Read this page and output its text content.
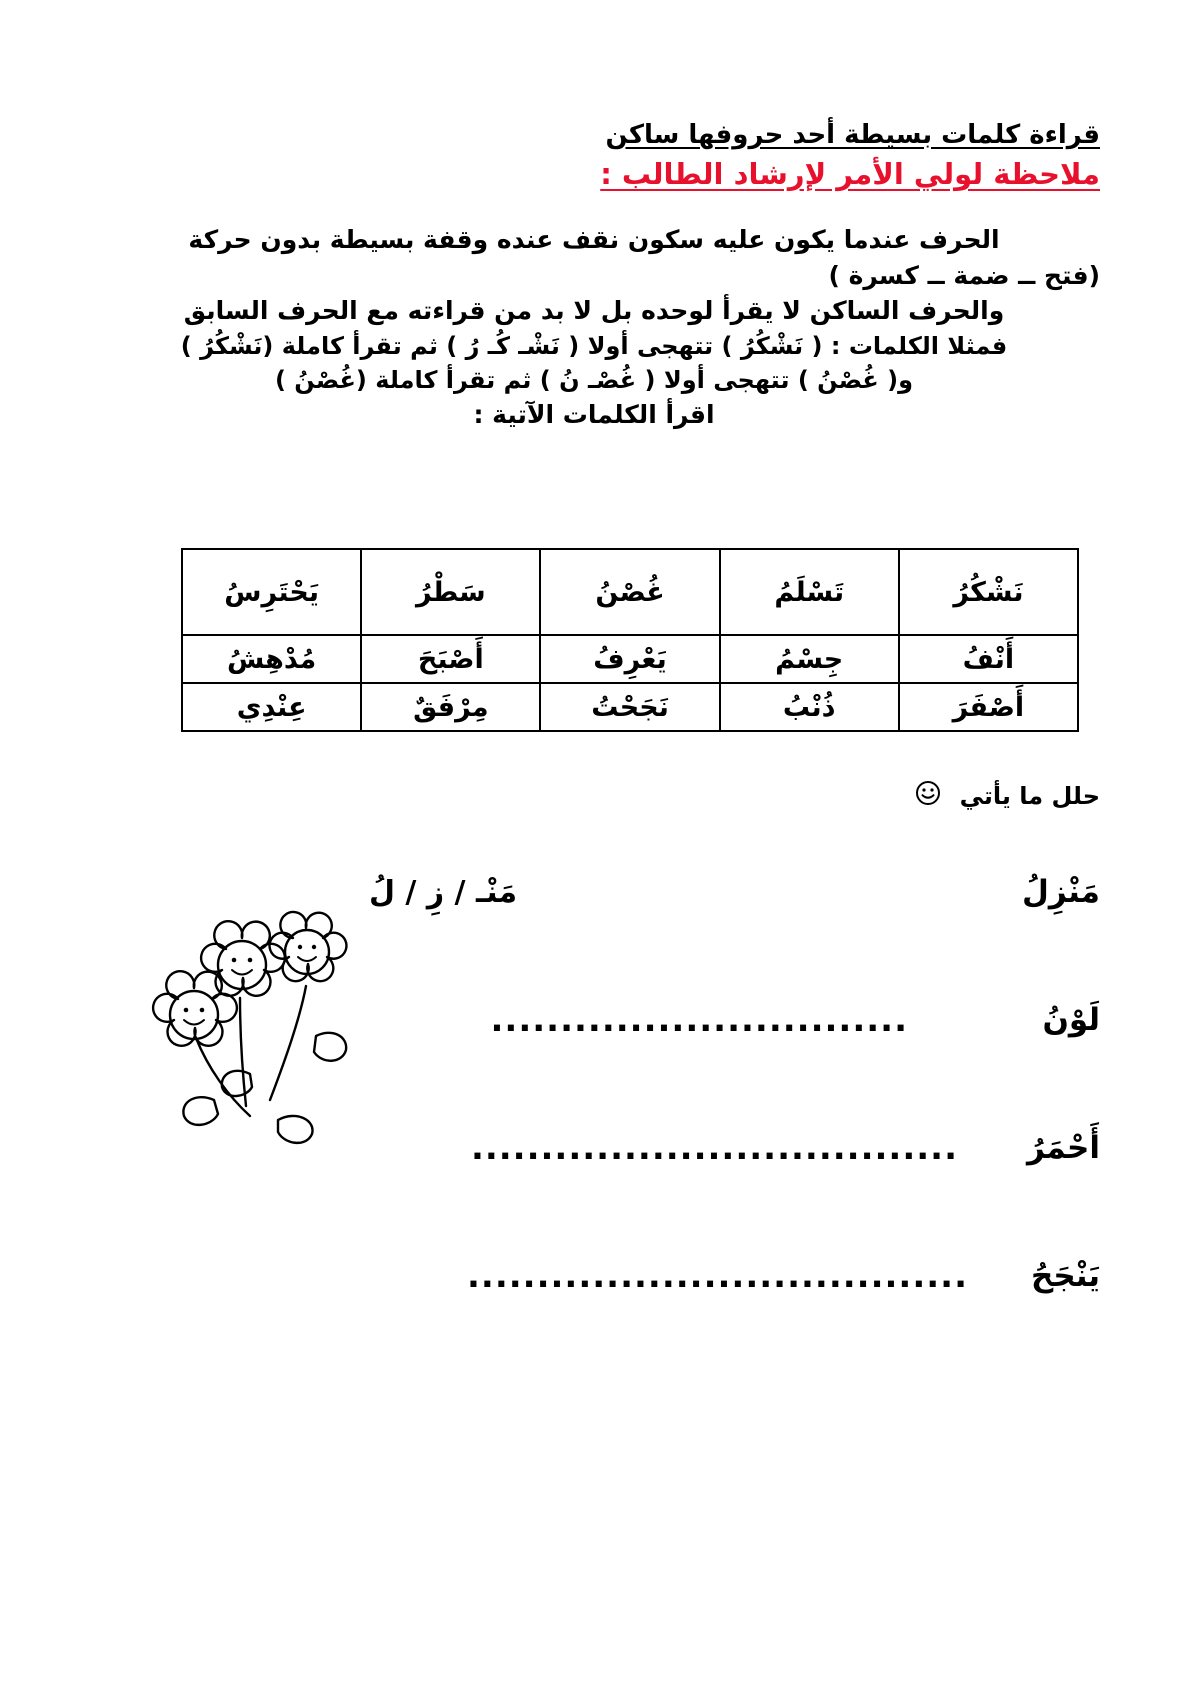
قراءة كلمات بسيطة أحد حروفها ساكن
ملاحظة لولي الأمر لإرشاد الطالب :
الحرف عندما يكون عليه سكون نقف عنده وقفة بسيطة بدون حركة
(فتح ــ ضمة ــ كسرة )
والحرف الساكن لا يقرأ لوحده بل لا بد من قراءته مع الحرف السابق
فمثلا الكلمات : ( نَشْكُرُ ) تتهجى أولا ( نَشْـ كُـ رُ ) ثم تقرأ كاملة (نَشْكُرُ )
و( غُصْنُ ) تتهجى أولا ( غُصْـ نُ ) ثم تقرأ كاملة (غُصْنُ )
اقرأ الكلمات الآتية :
نَشْكُرُ	تَسْلَمُ	غُصْنُ	سَطْرُ	يَحْتَرِسُ
أَنْفُ	جِسْمُ	يَعْرِفُ	أَصْبَحَ	مُدْهِشُ
أَصْفَرَ	ذُنْبُ	نَجَحْتُ	مِرْفَقٌ	عِنْدِي
حلل ما يأتي
مَنْزِلُ
مَنْـ / زِ / لُ
لَوْنُ
..............................
أَحْمَرُ
...................................
يَنْجَحُ
....................................
